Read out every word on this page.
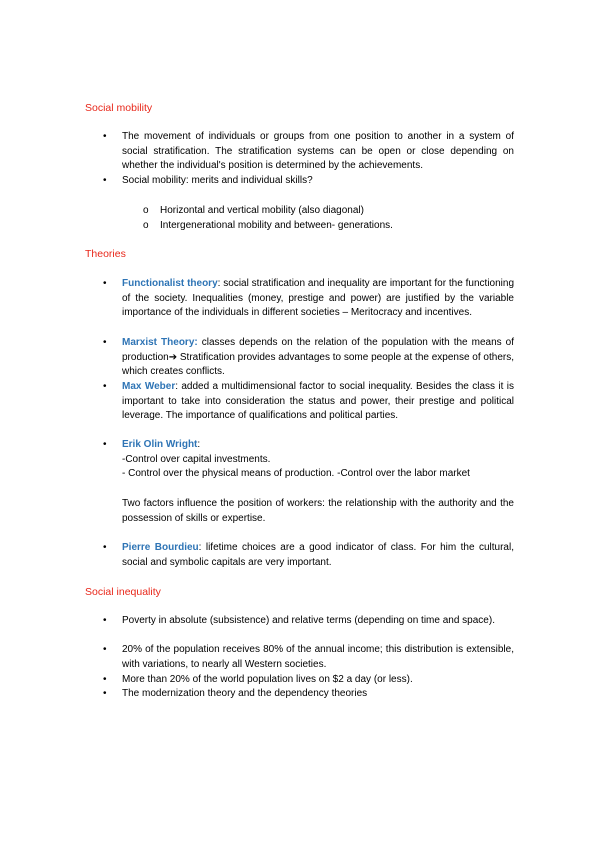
Social mobility
• The movement of individuals or groups from one position to another in a system of social stratification. The stratification systems can be open or close depending on whether the individual's position is determined by the achievements.
• Social mobility: merits and individual skills?
o Horizontal and vertical mobility (also diagonal)
o Intergenerational mobility and between- generations.
Theories
• Functionalist theory: social stratification and inequality are important for the functioning of the society. Inequalities (money, prestige and power) are justified by the variable importance of the individuals in different societies – Meritocracy and incentives.
• Marxist Theory: classes depends on the relation of the population with the means of production➔ Stratification provides advantages to some people at the expense of others, which creates conflicts.
• Max Weber: added a multidimensional factor to social inequality. Besides the class it is important to take into consideration the status and power, their prestige and political leverage. The importance of qualifications and political parties.
• Erik Olin Wright:
-Control over capital investments.
- Control over the physical means of production. -Control over the labor market
Two factors influence the position of workers: the relationship with the authority and the possession of skills or expertise.
• Pierre Bourdieu: lifetime choices are a good indicator of class. For him the cultural, social and symbolic capitals are very important.
Social inequality
• Poverty in absolute (subsistence) and relative terms (depending on time and space).
• 20% of the population receives 80% of the annual income; this distribution is extensible, with variations, to nearly all Western societies.
• More than 20% of the world population lives on $2 a day (or less).
• The modernization theory and the dependency theories
